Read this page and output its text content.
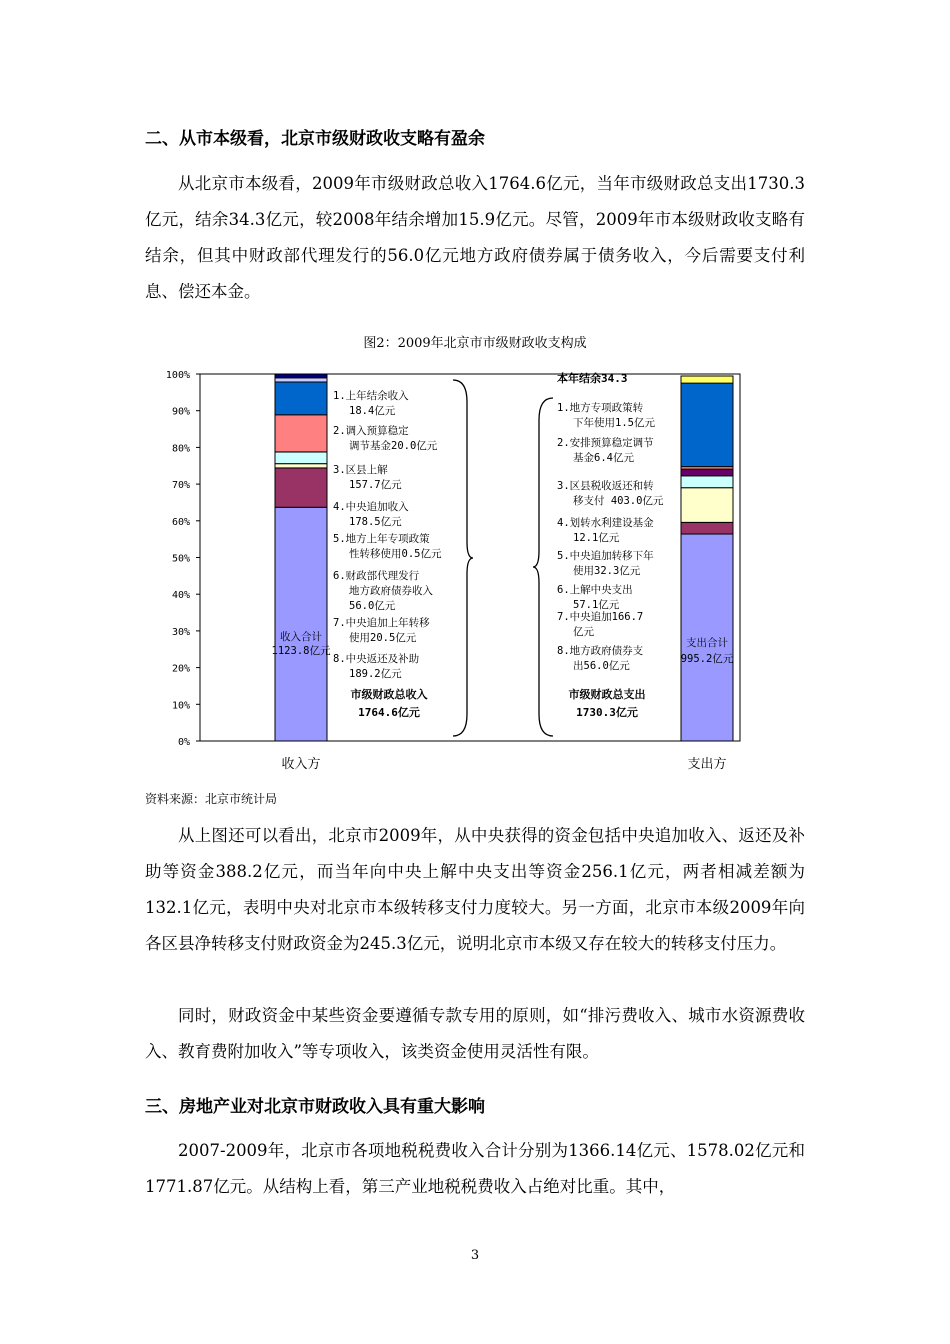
二、从市本级看，北京市级财政收支略有盈余

从北京市本级看，2009年市级财政总收入1764.6亿元，当年市级财政总支出1730.3亿元，结余34.3亿元，较2008年结余增加15.9亿元。尽管，2009年市本级财政收支略有结余，但其中财政部代理发行的56.0亿元地方政府债券属于债务收入，今后需要支付利息、偿还本金。

图2：2009年北京市市级财政收支构成

0%
10%
20%
30%
40%
50%
60%
70%
80%
90%
100%
收入方	支出方
收入合计
1123.8亿元
支出合计
995.2亿元
1.上年结余收入
18.4亿元
2.调入预算稳定
调节基金20.0亿元
3.区县上解
157.7亿元
4.中央追加收入
178.5亿元
5.地方上年专项政策
性转移使用0.5亿元
6.财政部代理发行
地方政府债券收入
56.0亿元
7.中央追加上年转移
使用20.5亿元
8.中央返还及补助
189.2亿元
1.地方专项政策转
下年使用1.5亿元
2.安排预算稳定调节
基金6.4亿元
3.区县税收返还和转
移支付 403.0亿元
4.划转水利建设基金
12.1亿元
5.中央追加转移下年
使用32.3亿元
6.上解中央支出
57.1亿元
7.中央追加166.7
亿元
8.地方政府债券支
出56.0亿元
市级财政总收入
1764.6亿元
市级财政总支出
1730.3亿元
本年结余34.3

资料来源：北京市统计局

从上图还可以看出，北京市2009年，从中央获得的资金包括中央追加收入、返还及补助等资金388.2亿元，而当年向中央上解中央支出等资金256.1亿元，两者相减差额为132.1亿元，表明中央对北京市本级转移支付力度较大。另一方面，北京市本级2009年向各区县净转移支付财政资金为245.3亿元，说明北京市本级又存在较大的转移支付压力。

同时，财政资金中某些资金要遵循专款专用的原则，如“排污费收入、城市水资源费收入、教育费附加收入”等专项收入，该类资金使用灵活性有限。

三、房地产业对北京市财政收入具有重大影响

2007-2009年，北京市各项地税税费收入合计分别为1366.14亿元、1578.02亿元和1771.87亿元。从结构上看，第三产业地税税费收入占绝对比重。其中，

3
